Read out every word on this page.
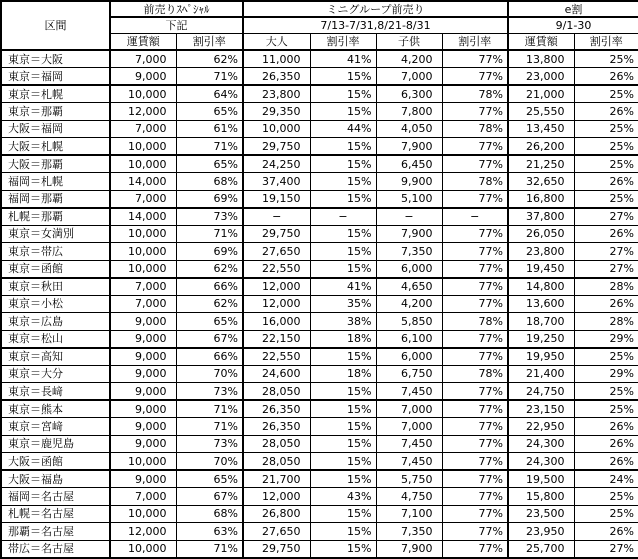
区間	前売りｽﾍﾟｼｬﾙ		ミニグループ前売り				e割	
	下記		7/13-7/31,8/21-8/31				9/1-30	
	運賃額	割引率	大人	割引率	子供	割引率	運賃額	割引率
東京＝大阪	7,000	62%	11,000	41%	4,200	77%	13,800	25%
東京＝福岡	9,000	71%	26,350	15%	7,000	77%	23,000	26%
東京＝札幌	10,000	64%	23,800	15%	6,300	78%	21,000	25%
東京＝那覇	12,000	65%	29,350	15%	7,800	77%	25,550	26%
大阪＝福岡	7,000	61%	10,000	44%	4,050	78%	13,450	25%
大阪＝札幌	10,000	71%	29,750	15%	7,900	77%	26,200	25%
大阪＝那覇	10,000	65%	24,250	15%	6,450	77%	21,250	25%
福岡＝札幌	14,000	68%	37,400	15%	9,900	78%	32,650	26%
福岡＝那覇	7,000	69%	19,150	15%	5,100	77%	16,800	25%
札幌＝那覇	14,000	73%	−	−	−	−	37,800	27%
東京＝女満別	10,000	71%	29,750	15%	7,900	77%	26,050	26%
東京＝帯広	10,000	69%	27,650	15%	7,350	77%	23,800	27%
東京＝函館	10,000	62%	22,550	15%	6,000	77%	19,450	27%
東京＝秋田	7,000	66%	12,000	41%	4,650	77%	14,800	28%
東京＝小松	7,000	62%	12,000	35%	4,200	77%	13,600	26%
東京＝広島	9,000	65%	16,000	38%	5,850	78%	18,700	28%
東京＝松山	9,000	67%	22,150	18%	6,100	77%	19,250	29%
東京＝高知	9,000	66%	22,550	15%	6,000	77%	19,950	25%
東京＝大分	9,000	70%	24,600	18%	6,750	78%	21,400	29%
東京＝長﨑	9,000	73%	28,050	15%	7,450	77%	24,750	25%
東京＝熊本	9,000	71%	26,350	15%	7,000	77%	23,150	25%
東京＝宮﨑	9,000	71%	26,350	15%	7,000	77%	22,950	26%
東京＝鹿児島	9,000	73%	28,050	15%	7,450	77%	24,300	26%
大阪＝函館	10,000	70%	28,050	15%	7,450	77%	24,300	26%
大阪＝福島	9,000	65%	21,700	15%	5,750	77%	19,500	24%
福岡＝名古屋	7,000	67%	12,000	43%	4,750	77%	15,800	25%
札幌＝名古屋	10,000	68%	26,800	15%	7,100	77%	23,500	25%
那覇＝名古屋	12,000	63%	27,650	15%	7,350	77%	23,950	26%
帯広＝名古屋	10,000	71%	29,750	15%	7,900	77%	25,700	27%
